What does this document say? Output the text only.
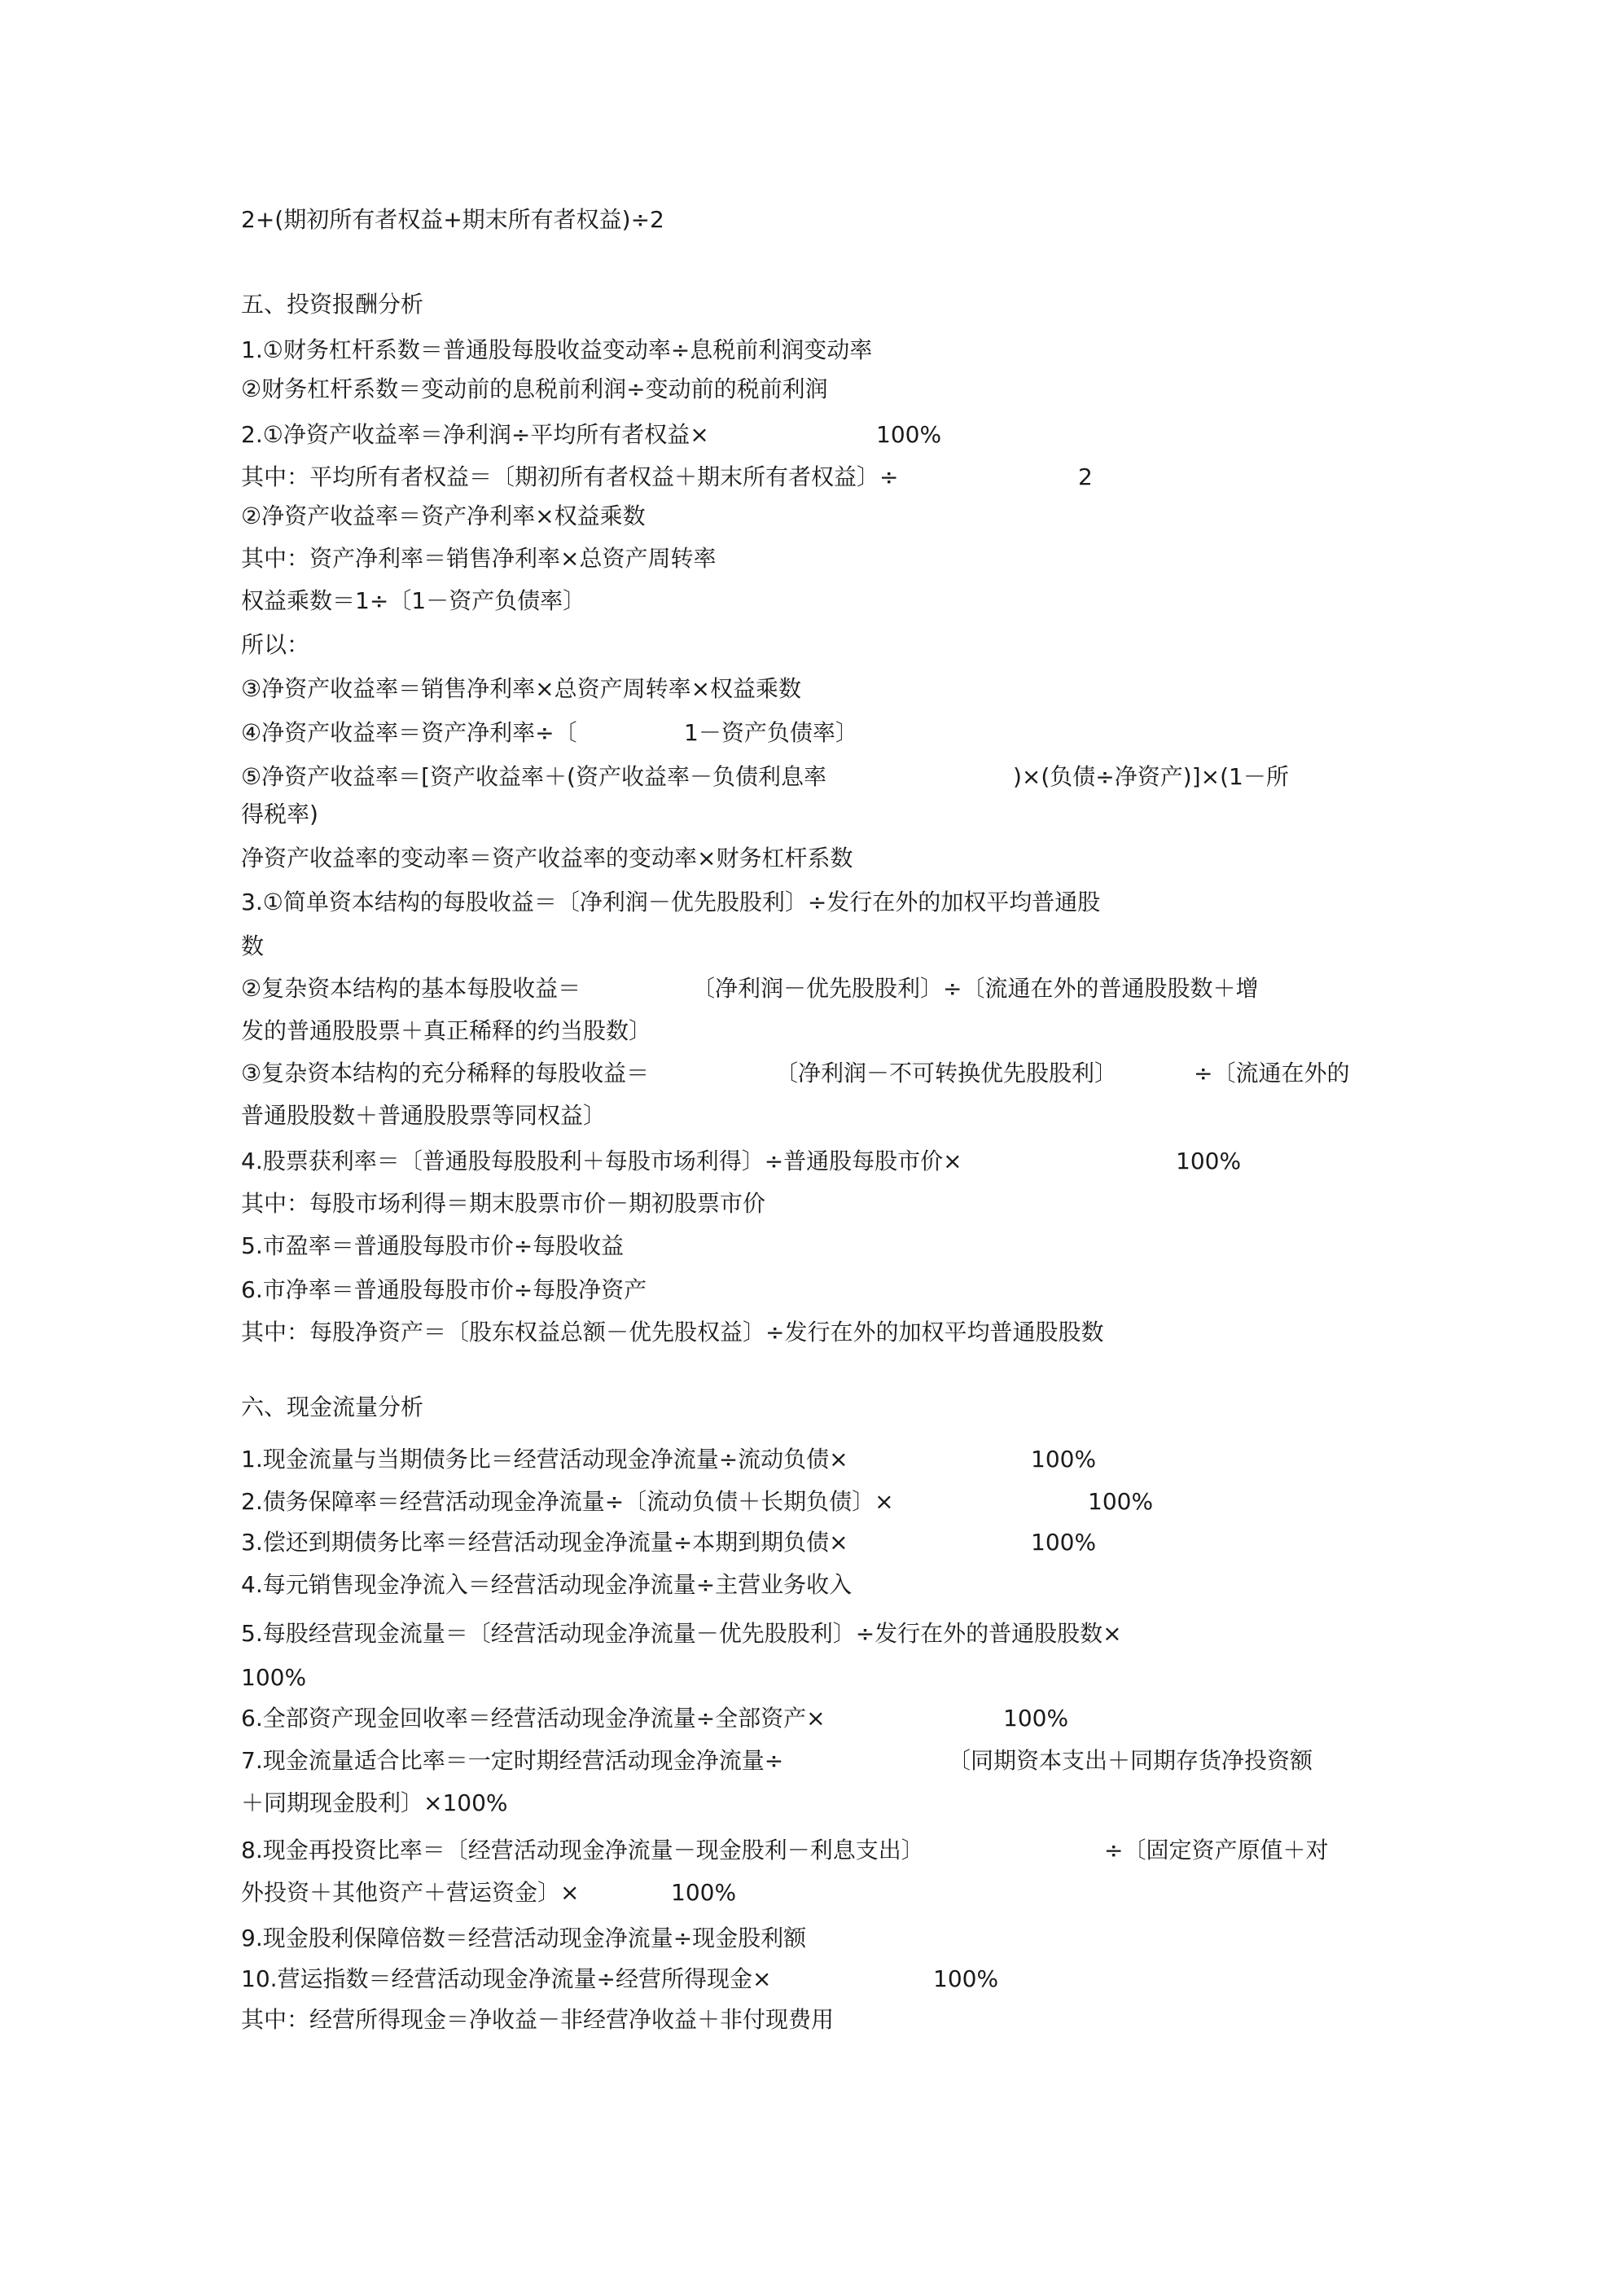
2+(期初所有者权益+期末所有者权益)÷2
五、投资报酬分析
1.①财务杠杆系数＝普通股每股收益变动率÷息税前利润变动率
②财务杠杆系数＝变动前的息税前利润÷变动前的税前利润
2.①净资产收益率＝净利润÷平均所有者权益×	100%
其中：平均所有者权益＝〔期初所有者权益＋期末所有者权益〕÷	2
②净资产收益率＝资产净利率×权益乘数
其中：资产净利率＝销售净利率×总资产周转率
权益乘数＝1÷〔1－资产负债率〕
所以：
③净资产收益率＝销售净利率×总资产周转率×权益乘数
④净资产收益率＝资产净利率÷〔	1－资产负债率〕
⑤净资产收益率＝[资产收益率＋(资产收益率－负债利息率	)×(负债÷净资产)]×(1－所
得税率)
净资产收益率的变动率＝资产收益率的变动率×财务杠杆系数
3.①简单资本结构的每股收益＝〔净利润－优先股股利〕÷发行在外的加权平均普通股
数
②复杂资本结构的基本每股收益＝	〔净利润－优先股股利〕÷〔流通在外的普通股股数＋增
发的普通股股票＋真正稀释的约当股数〕
③复杂资本结构的充分稀释的每股收益＝	〔净利润－不可转换优先股股利〕	÷〔流通在外的
普通股股数＋普通股股票等同权益〕
4.股票获利率＝〔普通股每股股利＋每股市场利得〕÷普通股每股市价×	100%
其中：每股市场利得＝期末股票市价－期初股票市价
5.市盈率＝普通股每股市价÷每股收益
6.市净率＝普通股每股市价÷每股净资产
其中：每股净资产＝〔股东权益总额－优先股权益〕÷发行在外的加权平均普通股股数
六、现金流量分析
1.现金流量与当期债务比＝经营活动现金净流量÷流动负债×	100%
2.债务保障率＝经营活动现金净流量÷〔流动负债＋长期负债〕×	100%
3.偿还到期债务比率＝经营活动现金净流量÷本期到期负债×	100%
4.每元销售现金净流入＝经营活动现金净流量÷主营业务收入
5.每股经营现金流量＝〔经营活动现金净流量－优先股股利〕÷发行在外的普通股股数×
100%
6.全部资产现金回收率＝经营活动现金净流量÷全部资产×	100%
7.现金流量适合比率＝一定时期经营活动现金净流量÷	〔同期资本支出＋同期存货净投资额
＋同期现金股利〕×100%
8.现金再投资比率＝〔经营活动现金净流量－现金股利－利息支出〕	÷〔固定资产原值＋对
外投资＋其他资产＋营运资金〕×	100%
9.现金股利保障倍数＝经营活动现金净流量÷现金股利额
10.营运指数＝经营活动现金净流量÷经营所得现金×	100%
其中：经营所得现金＝净收益－非经营净收益＋非付现费用
